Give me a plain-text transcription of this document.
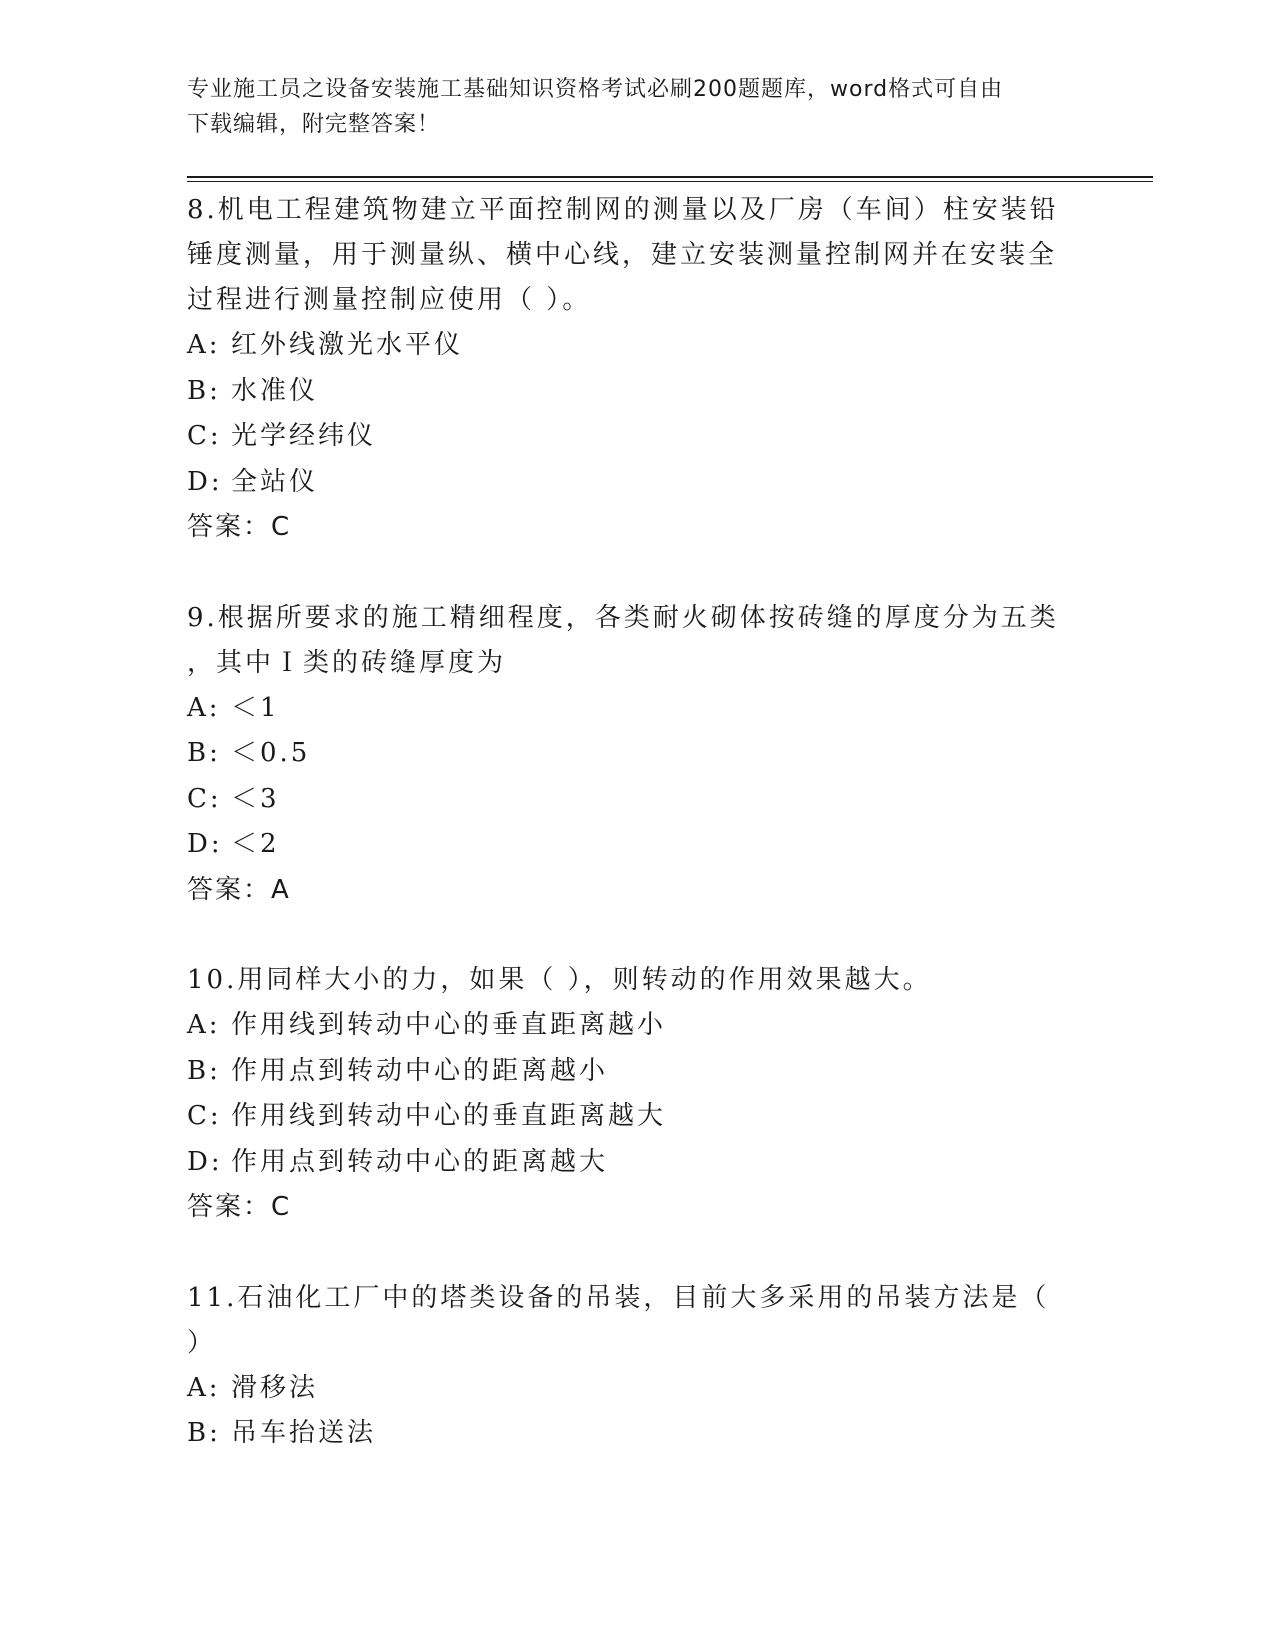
专业施工员之设备安装施工基础知识资格考试必刷200题题库，word格式可自由
下载编辑，附完整答案！

8.机电工程建筑物建立平面控制网的测量以及厂房（车间）柱安装铅

锤度测量，用于测量纵、横中心线，建立安装测量控制网并在安装全

过程进行测量控制应使用（ ）。

A: 红外线激光水平仪

B: 水准仪

C: 光学经纬仪

D: 全站仪

答案：C

9.根据所要求的施工精细程度，各类耐火砌体按砖缝的厚度分为五类

，其中Ｉ类的砖缝厚度为

A: ＜1

B: ＜0.5

C: ＜3

D: ＜2

答案：A

10.用同样大小的力，如果（ ），则转动的作用效果越大。

A: 作用线到转动中心的垂直距离越小

B: 作用点到转动中心的距离越小

C: 作用线到转动中心的垂直距离越大

D: 作用点到转动中心的距离越大

答案：C

11.石油化工厂中的塔类设备的吊装，目前大多采用的吊装方法是（

）

A: 滑移法

B: 吊车抬送法
